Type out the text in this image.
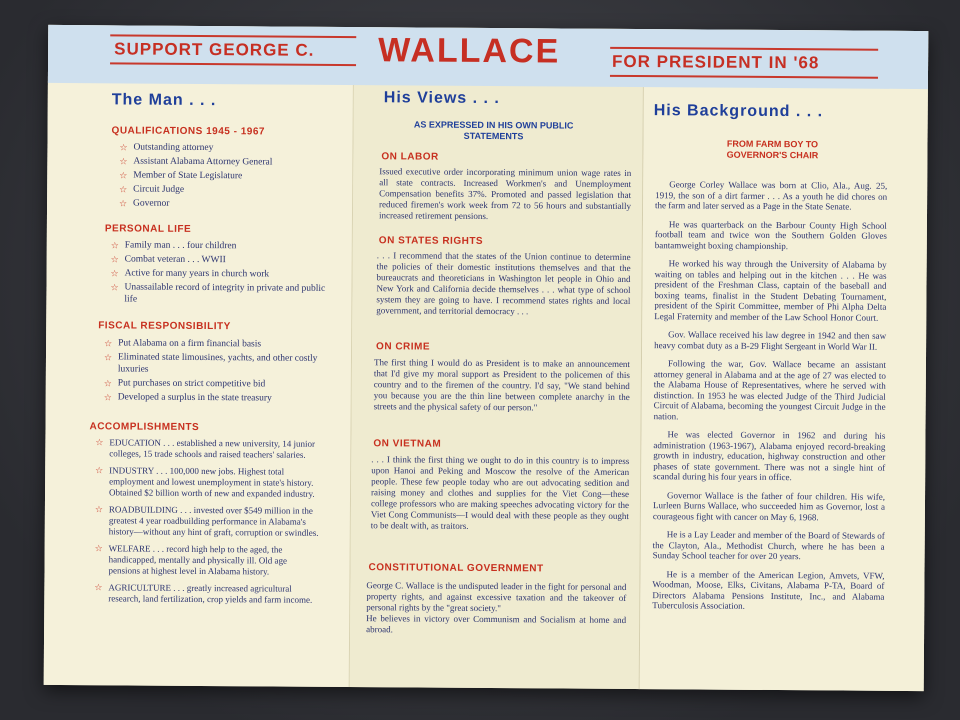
SUPPORT GEORGE C. WALLACE	FOR PRESIDENT IN '68
The Man . . .
QUALIFICATIONS 1945 - 1967
☆ Outstanding attorney
☆ Assistant Alabama Attorney General
☆ Member of State Legislature
☆ Circuit Judge
☆ Governor
PERSONAL LIFE
☆ Family man . . . four children
☆ Combat veteran . . . WWII
☆ Active for many years in church work
☆ Unassailable record of integrity in private and public life
FISCAL RESPONSIBILITY
☆ Put Alabama on a firm financial basis
☆ Eliminated state limousines, yachts, and other costly luxuries
☆ Put purchases on strict competitive bid
☆ Developed a surplus in the state treasury
ACCOMPLISHMENTS
☆ EDUCATION . . . established a new university, 14 junior colleges, 15 trade schools and raised teachers' salaries.
☆ INDUSTRY . . . 100,000 new jobs. Highest total employment and lowest unemployment in state's history. Obtained $2 billion worth of new and expanded industry.
☆ ROADBUILDING . . . invested over $549 million in the greatest 4 year roadbuilding performance in Alabama's history—without any hint of graft, corruption or swindles.
☆ WELFARE . . . record high help to the aged, the handicapped, mentally and physically ill. Old age pensions at highest level in Alabama history.
☆ AGRICULTURE . . . greatly increased agricultural research, land fertilization, crop yields and farm income.
His Views . . .
AS EXPRESSED IN HIS OWN PUBLIC STATEMENTS
ON LABOR

Issued executive order incorporating minimum union wage rates in all state contracts. Increased Workmen's and Unemployment Compensation benefits 37%. Promoted and passed legislation that reduced firemen's work week from 72 to 56 hours and substantially increased retirement pensions.

ON STATES RIGHTS

. . . I recommend that the states of the Union continue to determine the policies of their domestic institutions themselves and that the bureaucrats and theoreticians in Washington let people in Ohio and New York and California decide themselves . . . what type of school system they are going to have. I recommend states rights and local government, and territorial democracy . . .

ON CRIME

The first thing I would do as President is to make an announcement that I'd give my moral support as President to the policemen of this country and to the firemen of the country. I'd say, "We stand behind you because you are the thin line between complete anarchy in the streets and the physical safety of our person."

ON VIETNAM

. . . I think the first thing we ought to do in this country is to impress upon Hanoi and Peking and Moscow the resolve of the American people. These few people today who are out advocating sedition and raising money and clothes and supplies for the Viet Cong—these college professors who are making speeches advocating victory for the Viet Cong Communists—I would deal with these people as they ought to be dealt with, as traitors.

CONSTITUTIONAL GOVERNMENT

George C. Wallace is the undisputed leader in the fight for personal and property rights, and against excessive taxation and the takeover of personal rights by the "great society."

He believes in victory over Communism and Socialism at home and abroad.

His Background . . .
FROM FARM BOY TO GOVERNOR'S CHAIR

George Corley Wallace was born at Clio, Ala., Aug. 25, 1919, the son of a dirt farmer . . . As a youth he did chores on the farm and later served as a Page in the State Senate.

He was quarterback on the Barbour County High School football team and twice won the Southern Golden Gloves bantamweight boxing championship.

He worked his way through the University of Alabama by waiting on tables and helping out in the kitchen . . . He was president of the Freshman Class, captain of the baseball and boxing teams, finalist in the Student Debating Tournament, president of the Spirit Committee, member of Phi Alpha Delta Legal Fraternity and member of the Law School Honor Court.

Gov. Wallace received his law degree in 1942 and then saw heavy combat duty as a B-29 Flight Sergeant in World War II.

Following the war, Gov. Wallace became an assistant attorney general in Alabama and at the age of 27 was elected to the Alabama House of Representatives, where he served with distinction. In 1953 he was elected Judge of the Third Judicial Circuit of Alabama, becoming the youngest Circuit Judge in the nation.

He was elected Governor in 1962 and during his administration (1963-1967), Alabama enjoyed record-breaking growth in industry, education, highway construction and other phases of state government. There was not a single hint of scandal during his four years in office.

Governor Wallace is the father of four children. His wife, Lurleen Burns Wallace, who succeeded him as Governor, lost a courageous fight with cancer on May 6, 1968.

He is a Lay Leader and member of the Board of Stewards of the Clayton, Ala., Methodist Church, where he has been a Sunday School teacher for over 20 years.

He is a member of the American Legion, Amvets, VFW, Woodman, Moose, Elks, Civitans, Alabama P-TA, Board of Directors Alabama Pensions Institute, Inc., and Alabama Tuberculosis Association.
